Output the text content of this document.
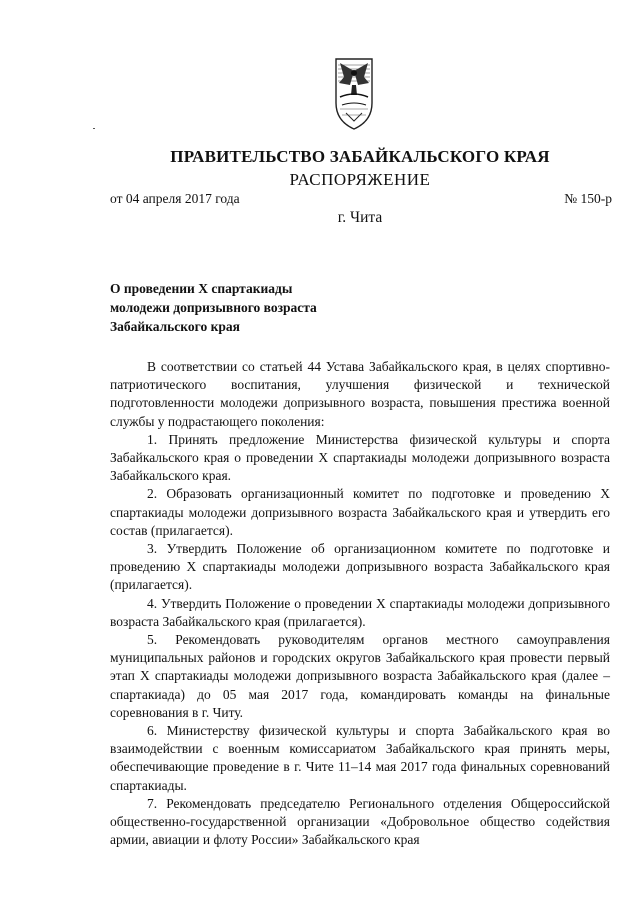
ПРАВИТЕЛЬСТВО ЗАБАЙКАЛЬСКОГО КРАЯ
РАСПОРЯЖЕНИЕ
от 04 апреля 2017 года	№ 150-р
г. Чита
О проведении X спартакиады
молодежи допризывного возраста
Забайкальского края

В соответствии со статьей 44 Устава Забайкальского края, в целях спортивно-патриотического воспитания, улучшения физической и технической подготовленности молодежи допризывного возраста, повышения престижа военной службы у подрастающего поколения:

1. Принять предложение Министерства физической культуры и спорта Забайкальского края о проведении X спартакиады молодежи допризывного возраста Забайкальского края.

2. Образовать организационный комитет по подготовке и проведению X спартакиады молодежи допризывного возраста Забайкальского края и утвердить его состав (прилагается).

3. Утвердить Положение об организационном комитете по подготовке и проведению X спартакиады молодежи допризывного возраста Забайкальского края (прилагается).

4. Утвердить Положение о проведении X спартакиады молодежи допризывного возраста Забайкальского края (прилагается).

5. Рекомендовать руководителям органов местного самоуправления муниципальных районов и городских округов Забайкальского края провести первый этап X спартакиады молодежи допризывного возраста Забайкальского края (далее – спартакиада) до 05 мая 2017 года, командировать команды на финальные соревнования в г. Читу.

6. Министерству физической культуры и спорта Забайкальского края во взаимодействии с военным комиссариатом Забайкальского края принять меры, обеспечивающие проведение в г. Чите 11–14 мая 2017 года финальных соревнований спартакиады.

7. Рекомендовать председателю Регионального отделения Общероссийской общественно-государственной организации «Добровольное общество содействия армии, авиации и флоту России» Забайкальского края
